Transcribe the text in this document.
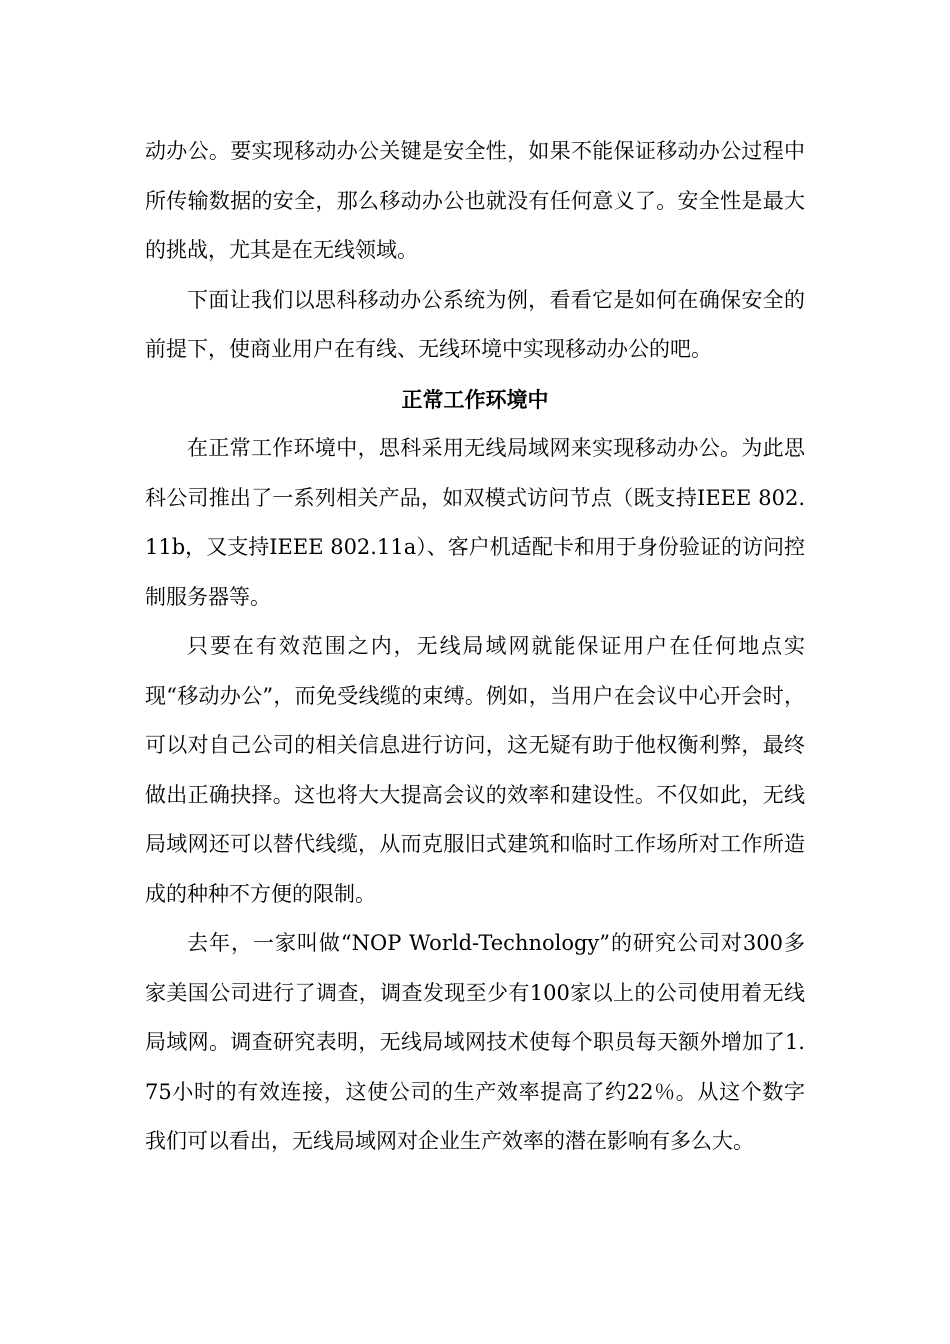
动办公。要实现移动办公关键是安全性，如果不能保证移动办公过程中所传输数据的安全，那么移动办公也就没有任何意义了。安全性是最大的挑战，尤其是在无线领域。

下面让我们以思科移动办公系统为例，看看它是如何在确保安全的前提下，使商业用户在有线、无线环境中实现移动办公的吧。

正常工作环境中

在正常工作环境中，思科采用无线局域网来实现移动办公。为此思科公司推出了一系列相关产品，如双模式访问节点（既支持IEEE 802.11b，又支持IEEE 802.11a）、客户机适配卡和用于身份验证的访问控制服务器等。

只要在有效范围之内，无线局域网就能保证用户在任何地点实现“移动办公”，而免受线缆的束缚。例如，当用户在会议中心开会时，可以对自己公司的相关信息进行访问，这无疑有助于他权衡利弊，最终做出正确抉择。这也将大大提高会议的效率和建设性。不仅如此，无线局域网还可以替代线缆，从而克服旧式建筑和临时工作场所对工作所造成的种种不方便的限制。

去年，一家叫做“NOP World-Technology”的研究公司对300多家美国公司进行了调查，调查发现至少有100家以上的公司使用着无线局域网。调查研究表明，无线局域网技术使每个职员每天额外增加了1.75小时的有效连接，这使公司的生产效率提高了约22％。从这个数字我们可以看出，无线局域网对企业生产效率的潜在影响有多么大。
